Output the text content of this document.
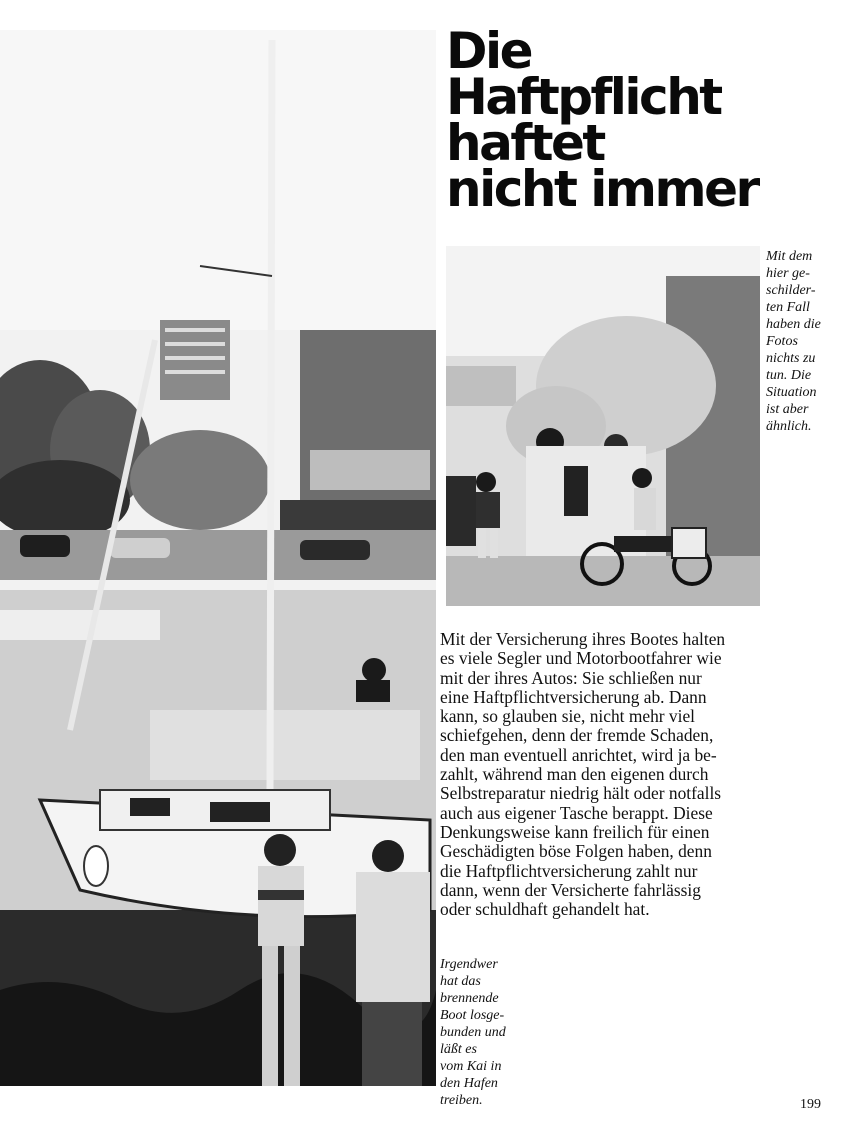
Die
Haftpflicht
haftet
nicht immer

Mit dem
hier ge-
schilder-
ten Fall
haben die
Fotos
nichts zu
tun. Die
Situation
ist aber
ähnlich.

Mit der Versicherung ihres Bootes halten
es viele Segler und Motorbootfahrer wie
mit der ihres Autos: Sie schließen nur
eine Haftpflichtversicherung ab. Dann
kann, so glauben sie, nicht mehr viel
schiefgehen, denn der fremde Schaden,
den man eventuell anrichtet, wird ja be-
zahlt, während man den eigenen durch
Selbstreparatur niedrig hält oder notfalls
auch aus eigener Tasche berappt. Diese
Denkungsweise kann freilich für einen
Geschädigten böse Folgen haben, denn
die Haftpflichtversicherung zahlt nur
dann, wenn der Versicherte fahrlässig
oder schuldhaft gehandelt hat.

Irgendwer
hat das
brennende
Boot losge-
bunden und
läßt es
vom Kai in
den Hafen
treiben.	199
